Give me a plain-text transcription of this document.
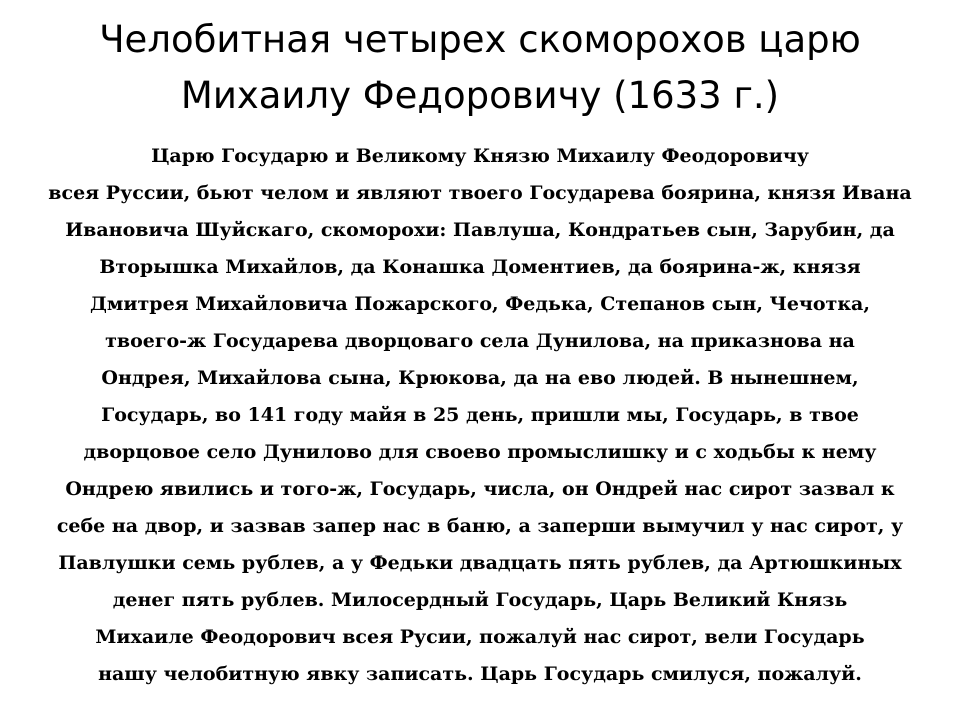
Челобитная четырех скоморохов царю
Михаилу Федоровичу (1633 г.)
Царю Государю и Великому Князю Михаилу Феодоровичу
всея Руссии, бьют челом и являют твоего Государева боярина, князя Ивана
Ивановича Шуйскаго, скоморохи: Павлуша, Кондратьев сын, Зарубин, да
Вторышка Михайлов, да Конашка Доментиев, да боярина-ж, князя
Дмитрея Михайловича Пожарского, Федька, Степанов сын, Чечотка,
твоего-ж Государева дворцоваго села Дунилова, на приказнова на
Ондрея, Михайлова сына, Крюкова, да на ево людей. В нынешнем,
Государь, во 141 году майя в 25 день, пришли мы, Государь, в твое
дворцовое село Дунилово для своево промыслишку и с ходьбы к нему
Ондрею явились и того-ж, Государь, числа, он Ондрей нас сирот зазвал к
себе на двор, и зазвав запер нас в баню, а заперши вымучил у нас сирот, у
Павлушки семь рублев, а у Федьки двадцать пять рублев, да Артюшкиных
денег пять рублев. Милосердный Государь, Царь Великий Князь
Михаиле Феодорович всея Русии, пожалуй нас сирот, вели Государь
нашу челобитную явку записать. Царь Государь смилуся, пожалуй.
